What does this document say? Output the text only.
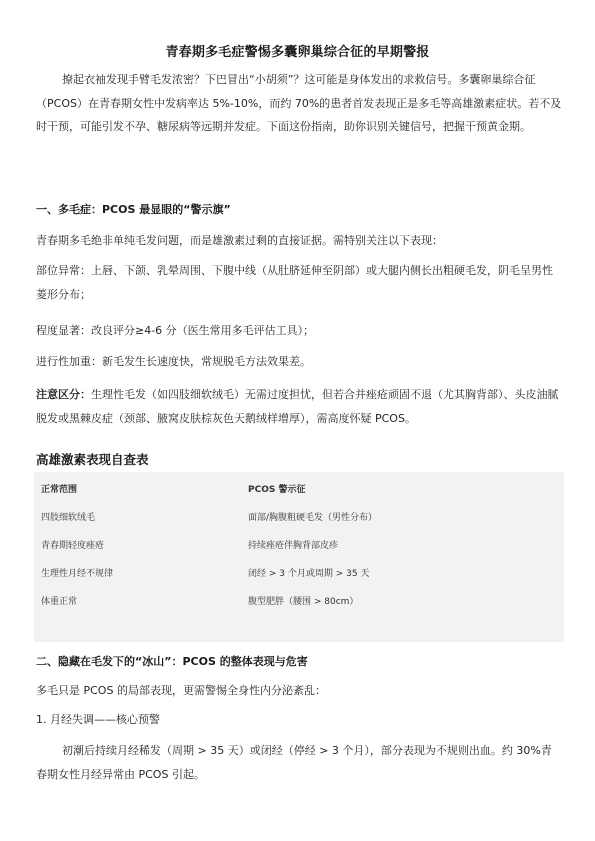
青春期多毛症警惕多囊卵巢综合征的早期警报
撩起衣袖发现手臂毛发浓密？下巴冒出“小胡须”？这可能是身体发出的求救信号。多囊卵巢综合征（PCOS）在青春期女性中发病率达 5%-10%，而约 70%的患者首发表现正是多毛等高雄激素症状。若不及时干预，可能引发不孕、糖尿病等远期并发症。下面这份指南，助你识别关键信号，把握干预黄金期。
一、多毛症：PCOS 最显眼的“警示旗”
青春期多毛绝非单纯毛发问题，而是雄激素过剩的直接证据。需特别关注以下表现：
部位异常：上唇、下颌、乳晕周围、下腹中线（从肚脐延伸至阴部）或大腿内侧长出粗硬毛发，阴毛呈男性菱形分布；
程度显著：改良评分≥4-6 分（医生常用多毛评估工具）；
进行性加重：新毛发生长速度快，常规脱毛方法效果差。
注意区分：生理性毛发（如四肢细软绒毛）无需过度担忧，但若合并痤疮顽固不退（尤其胸背部）、头皮油腻脱发或黑棘皮症（颈部、腋窝皮肤棕灰色天鹅绒样增厚），需高度怀疑 PCOS。
高雄激素表现自查表
正常范围	PCOS 警示征
四肢细软绒毛	面部/胸腹粗硬毛发（男性分布）
青春期轻度痤疮	持续痤疮伴胸背部皮疹
生理性月经不规律	闭经 > 3 个月或周期 > 35 天
体重正常	腹型肥胖（腰围 > 80cm）
二、隐藏在毛发下的“冰山”：PCOS 的整体表现与危害
多毛只是 PCOS 的局部表现，更需警惕全身性内分泌紊乱：
1. 月经失调——核心预警
初潮后持续月经稀发（周期 > 35 天）或闭经（停经 > 3 个月），部分表现为不规则出血。约 30%青春期女性月经异常由 PCOS 引起。
